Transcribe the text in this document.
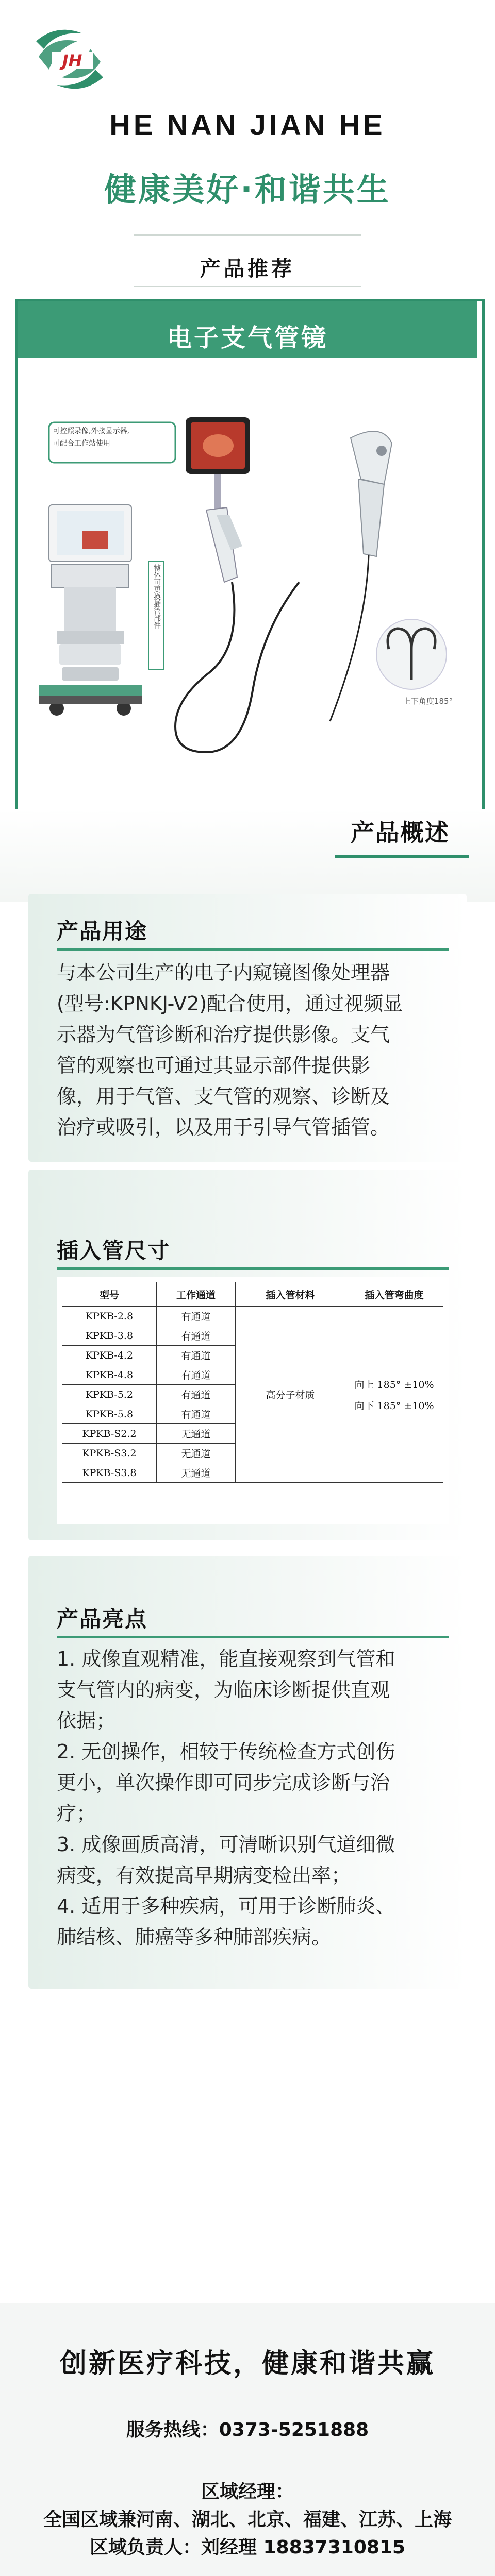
JH
HE NAN JIAN HE
健康美好·和谐共生
产品推荐
电子支气管镜
可控照录像,外接显示器,
可配合工作站使用
整体可更换插管部件
上下角度185°
产品概述
产品用途
与本公司生产的电子内窥镜图像处理器
(型号:KPNKJ-V2)配合使用，通过视频显
示器为气管诊断和治疗提供影像。支气
管的观察也可通过其显示部件提供影
像，用于气管、支气管的观察、诊断及
治疗或吸引，以及用于引导气管插管。
插入管尺寸
型号	工作通道	插入管材料	插入管弯曲度
KPKB-2.8	有通道	高分子材质	向上 185° ±10%
向下 185° ±10%

KPKB-3.8	有通道		
KPKB-4.2	有通道		
KPKB-4.8	有通道		
KPKB-5.2	有通道		
KPKB-5.8	有通道		
KPKB-S2.2	无通道		
KPKB-S3.2	无通道		
KPKB-S3.8	无通道		
产品亮点
1. 成像直观精准，能直接观察到气管和
支气管内的病变，为临床诊断提供直观
依据；
2. 无创操作，相较于传统检查方式创伤
更小，单次操作即可同步完成诊断与治
疗；
3. 成像画质高清，可清晰识别气道细微
病变，有效提高早期病变检出率；
4. 适用于多种疾病，可用于诊断肺炎、
肺结核、肺癌等多种肺部疾病。
创新医疗科技，健康和谐共赢
服务热线：0373-5251888
区域经理：
全国区域兼河南、湖北、北京、福建、江苏、上海
区域负责人：刘经理 18837310815
